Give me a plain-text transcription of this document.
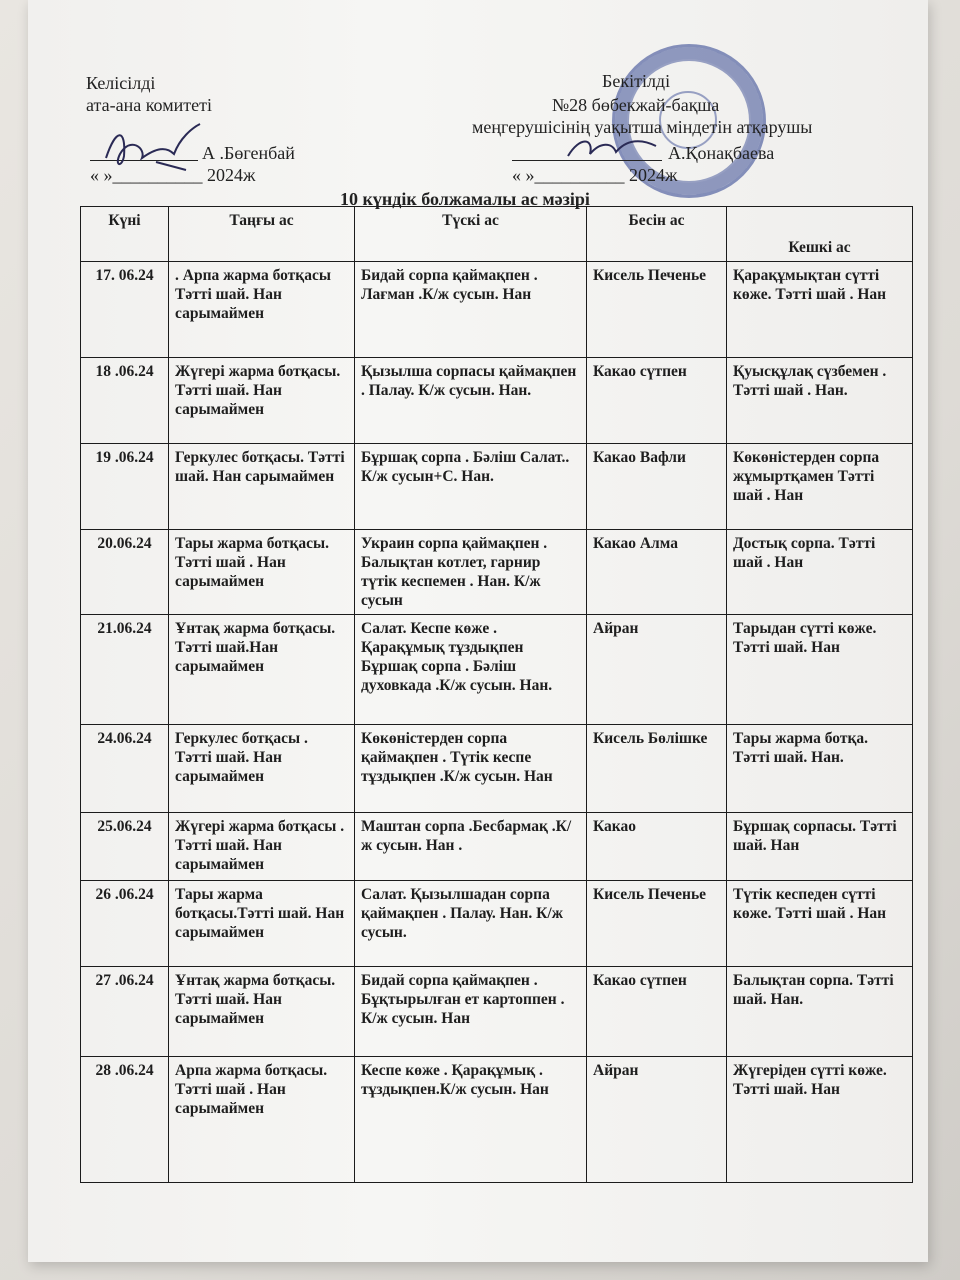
Келісілді
ата-ана комитеті
А .Бөгенбай
« »__________ 2024ж
Бекітілді
№28 бөбекжай-бақша
меңгерушісінің уақытша міндетін атқарушы
А.Қонақбаева
« »__________ 2024ж
10 күндік болжамалы ас мәзірі
Күні	Таңғы ас	Түскі ас	Бесін ас	Кешкі ас
17. 06.24	. Арпа жарма ботқасы Тәтті шай. Нан сарымаймен	Бидай сорпа қаймақпен . Лағман .К/ж сусын. Нан	Кисель Печенье	Қарақұмықтан сүтті көже. Тәтті шай . Нан
18 .06.24	Жүгері жарма ботқасы. Тәтті шай. Нан сарымаймен	Қызылша сорпасы қаймақпен . Палау. К/ж сусын. Нан.	Какао сүтпен	Қуысқұлақ сүзбемен . Тәтті шай . Нан.
19 .06.24	Геркулес ботқасы. Тәтті шай. Нан сарымаймен	Бұршақ сорпа . Бәліш Салат.. К/ж сусын+С. Нан.	Какао Вафли	Көкөністерден сорпа жұмыртқамен Тәтті шай . Нан
20.06.24	Тары жарма ботқасы. Тәтті шай . Нан сарымаймен	Украин сорпа қаймақпен . Балықтан котлет, гарнир түтік кеспемен . Нан. К/ж сусын	Какао Алма	Достық сорпа. Тәтті шай . Нан
21.06.24	Ұнтақ жарма ботқасы. Тәтті шай.Нан сарымаймен	Салат. Кеспе көже . Қарақұмық тұздықпен Бұршақ сорпа . Бәліш духовкада .К/ж сусын. Нан.	Айран	Тарыдан сүтті көже. Тәтті шай. Нан
24.06.24	Геркулес ботқасы . Тәтті шай. Нан сарымаймен	Көкөністерден сорпа қаймақпен . Түтік кеспе тұздықпен .К/ж сусын. Нан	Кисель Бөлішке	Тары жарма ботқа. Тәтті шай. Нан.
25.06.24	Жүгері жарма ботқасы . Тәтті шай. Нан сарымаймен	Маштан сорпа .Бесбармақ .К/ж сусын. Нан .	Какао	Бұршақ сорпасы. Тәтті шай. Нан
26 .06.24	Тары жарма ботқасы.Тәтті шай. Нан сарымаймен	Салат. Қызылшадан сорпа қаймақпен . Палау. Нан. К/ж сусын.	Кисель Печенье	Түтік кеспеден сүтті көже. Тәтті шай . Нан
27 .06.24	Ұнтақ жарма ботқасы. Тәтті шай. Нан сарымаймен	Бидай сорпа қаймақпен . Бұқтырылған ет картоппен . К/ж сусын. Нан	Какао сүтпен	Балықтан сорпа. Тәтті шай. Нан.
28 .06.24	Арпа жарма ботқасы. Тәтті шай . Нан сарымаймен	Кеспе көже . Қарақұмық . тұздықпен.К/ж сусын. Нан	Айран	Жүгеріден сүтті көже. Тәтті шай. Нан
